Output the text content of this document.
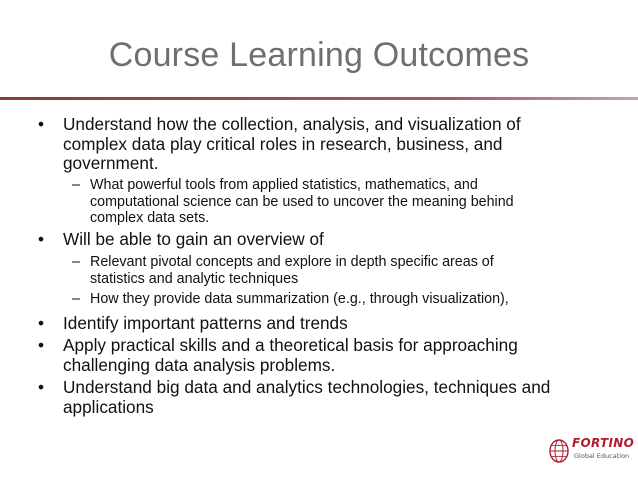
Course Learning Outcomes
•	Understand how the collection, analysis, and visualization of
complex data play critical roles in research, business, and
government.
– What powerful tools from applied statistics, mathematics, and
computational science can be used to uncover the meaning behind
complex data sets.
•	Will be able to gain an overview of
– Relevant pivotal concepts and explore in depth specific areas of
statistics and analytic techniques
– How they provide data summarization (e.g., through visualization),
•	Identify important patterns and trends
•	Apply practical skills and a theoretical basis for approaching
challenging data analysis problems.
•	Understand big data and analytics technologies, techniques and
applications
FORTINO
Global Education
